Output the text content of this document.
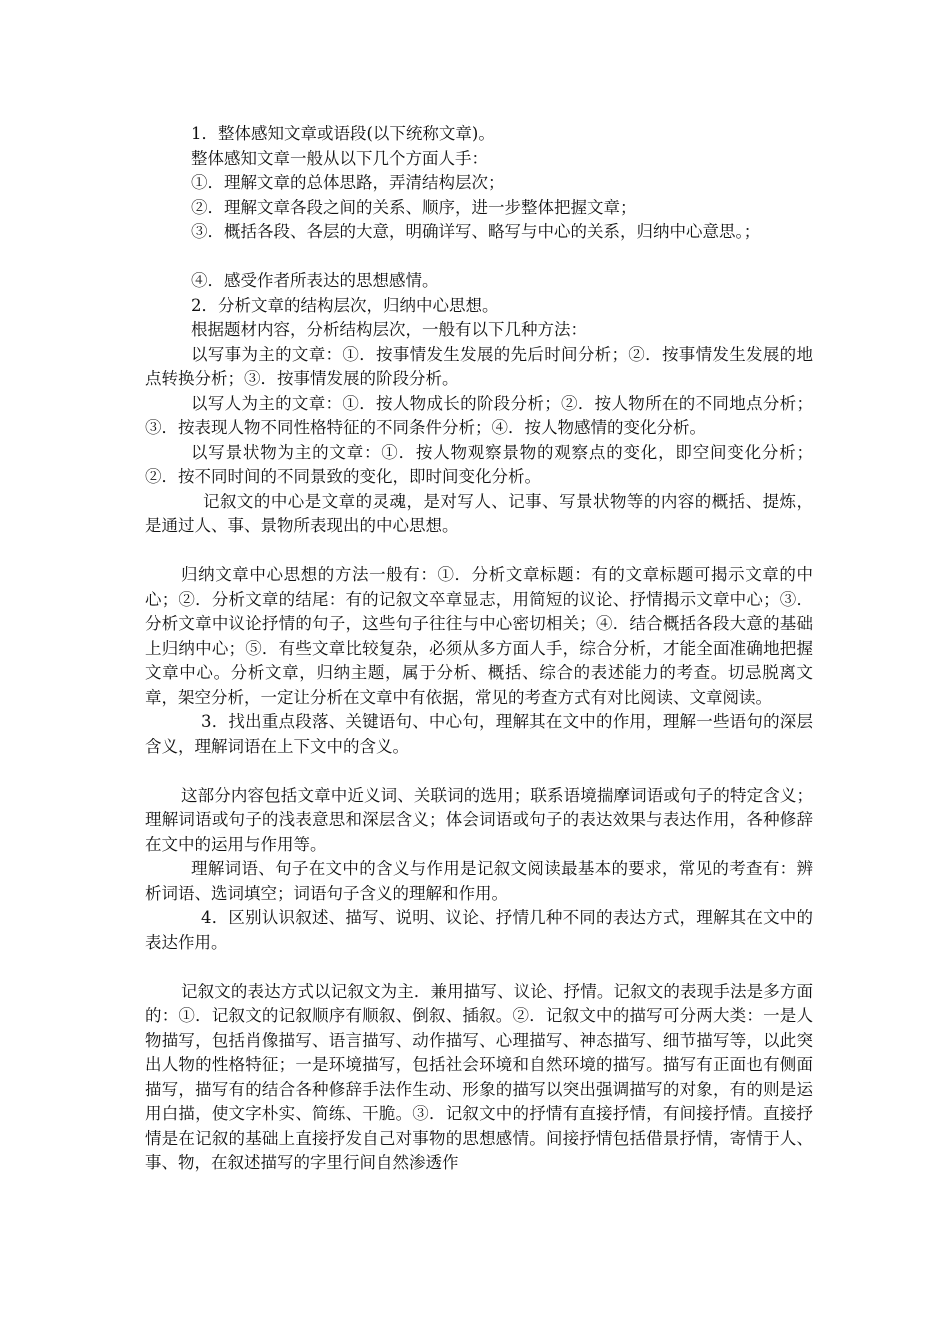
1．整体感知文章或语段(以下统称文章)。

整体感知文章一般从以下几个方面人手：

①．理解文章的总体思路，弄清结构层次；

②．理解文章各段之间的关系、顺序，进一步整体把握文章；

③．概括各段、各层的大意，明确详写、略写与中心的关系，归纳中心意思。；

④．感受作者所表达的思想感情。

2．分析文章的结构层次，归纳中心思想。

根据题材内容，分析结构层次，一般有以下几种方法：

以写事为主的文章：①．按事情发生发展的先后时间分析；②．按事情发生发展的地点转换分析；③．按事情发展的阶段分析。

以写人为主的文章：①．按人物成长的阶段分析；②．按人物所在的不同地点分析；③．按表现人物不同性格特征的不同条件分析；④．按人物感情的变化分析。

以写景状物为主的文章：①．按人物观察景物的观察点的变化，即空间变化分析；②．按不同时间的不同景致的变化，即时间变化分析。

记叙文的中心是文章的灵魂，是对写人、记事、写景状物等的内容的概括、提炼，是通过人、事、景物所表现出的中心思想。

归纳文章中心思想的方法一般有：①．分析文章标题：有的文章标题可揭示文章的中心；②．分析文章的结尾：有的记叙文卒章显志，用简短的议论、抒情揭示文章中心；③．分析文章中议论抒情的句子，这些句子往往与中心密切相关；④．结合概括各段大意的基础上归纳中心；⑤．有些文章比较复杂，必须从多方面人手，综合分析，才能全面准确地把握文章中心。分析文章，归纳主题，属于分析、概括、综合的表述能力的考查。切忌脱离文章，架空分析，一定让分析在文章中有依据，常见的考查方式有对比阅读、文章阅读。

3．找出重点段落、关键语句、中心句，理解其在文中的作用，理解一些语句的深层含义，理解词语在上下文中的含义。

这部分内容包括文章中近义词、关联词的选用；联系语境揣摩词语或句子的特定含义；理解词语或句子的浅表意思和深层含义；体会词语或句子的表达效果与表达作用，各种修辞在文中的运用与作用等。

理解词语、句子在文中的含义与作用是记叙文阅读最基本的要求，常见的考查有：辨析词语、选词填空；词语句子含义的理解和作用。

4．区别认识叙述、描写、说明、议论、抒情几种不同的表达方式，理解其在文中的表达作用。

记叙文的表达方式以记叙文为主．兼用描写、议论、抒情。记叙文的表现手法是多方面的：①．记叙文的记叙顺序有顺叙、倒叙、插叙。②．记叙文中的描写可分两大类：一是人物描写，包括肖像描写、语言描写、动作描写、心理描写、神态描写、细节描写等，以此突出人物的性格特征；一是环境描写，包括社会环境和自然环境的描写。描写有正面也有侧面描写，描写有的结合各种修辞手法作生动、形象的描写以突出强调描写的对象，有的则是运用白描，使文字朴实、简练、干脆。③．记叙文中的抒情有直接抒情，有间接抒情。直接抒情是在记叙的基础上直接抒发自己对事物的思想感情。间接抒情包括借景抒情，寄情于人、事、物，在叙述描写的字里行间自然渗透作
